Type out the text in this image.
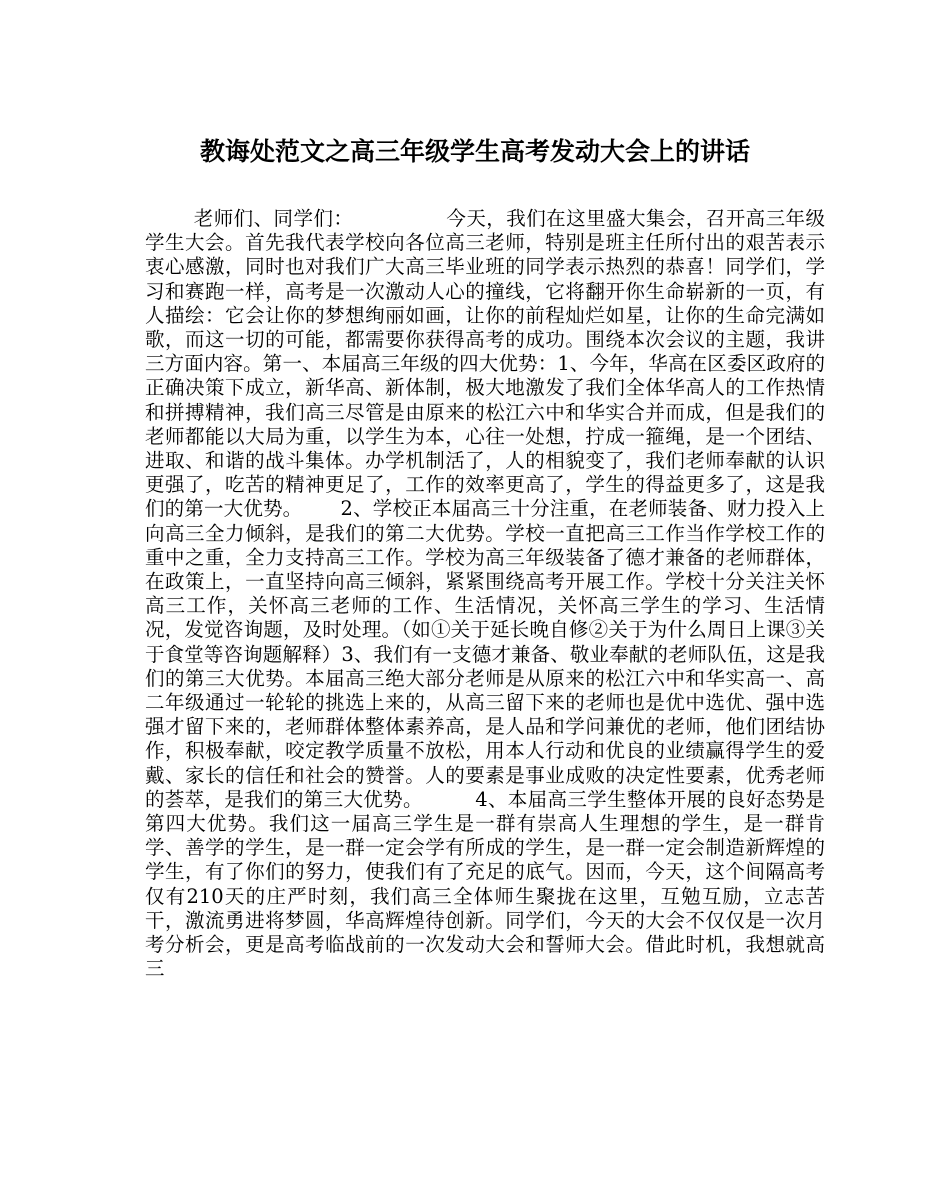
教诲处范文之高三年级学生高考发动大会上的讲话

老师们、同学们：              今天，我们在这里盛大集会，召开高三年级学生大会。首先我代表学校向各位高三老师，特别是班主任所付出的艰苦表示衷心感激，同时也对我们广大高三毕业班的同学表示热烈的恭喜！同学们，学习和赛跑一样，高考是一次激动人心的撞线，它将翻开你生命崭新的一页，有人描绘：它会让你的梦想绚丽如画，让你的前程灿烂如星，让你的生命完满如歌，而这一切的可能，都需要你获得高考的成功。围绕本次会议的主题，我讲三方面内容。第一、本届高三年级的四大优势：1、今年，华高在区委区政府的正确决策下成立，新华高、新体制，极大地激发了我们全体华高人的工作热情和拼搏精神，我们高三尽管是由原来的松江六中和华实合并而成，但是我们的老师都能以大局为重，以学生为本，心往一处想，拧成一箍绳，是一个团结、进取、和谐的战斗集体。办学机制活了，人的相貌变了，我们老师奉献的认识更强了，吃苦的精神更足了，工作的效率更高了，学生的得益更多了，这是我们的第一大优势。      2、学校正本届高三十分注重，在老师装备、财力投入上向高三全力倾斜，是我们的第二大优势。学校一直把高三工作当作学校工作的重中之重，全力支持高三工作。学校为高三年级装备了德才兼备的老师群体，在政策上，一直坚持向高三倾斜，紧紧围绕高考开展工作。学校十分关注关怀高三工作，关怀高三老师的工作、生活情况，关怀高三学生的学习、生活情况，发觉咨询题，及时处理。（如①关于延长晚自修②关于为什么周日上课③关于食堂等咨询题解释）3、我们有一支德才兼备、敬业奉献的老师队伍，这是我们的第三大优势。本届高三绝大部分老师是从原来的松江六中和华实高一、高二年级通过一轮轮的挑选上来的，从高三留下来的老师也是优中选优、强中选强才留下来的，老师群体整体素养高，是人品和学问兼优的老师，他们团结协作，积极奉献，咬定教学质量不放松，用本人行动和优良的业绩赢得学生的爱戴、家长的信任和社会的赞誉。人的要素是事业成败的决定性要素，优秀老师的荟萃，是我们的第三大优势。        4、本届高三学生整体开展的良好态势是第四大优势。我们这一届高三学生是一群有崇高人生理想的学生，是一群肯学、善学的学生，是一群一定会学有所成的学生，是一群一定会制造新辉煌的学生，有了你们的努力，使我们有了充足的底气。因而，今天，这个间隔高考仅有210天的庄严时刻，我们高三全体师生聚拢在这里，互勉互励，立志苦干，激流勇进将梦圆，华高辉煌待创新。同学们，今天的大会不仅仅是一次月考分析会，更是高考临战前的一次发动大会和誓师大会。借此时机，我想就高三
